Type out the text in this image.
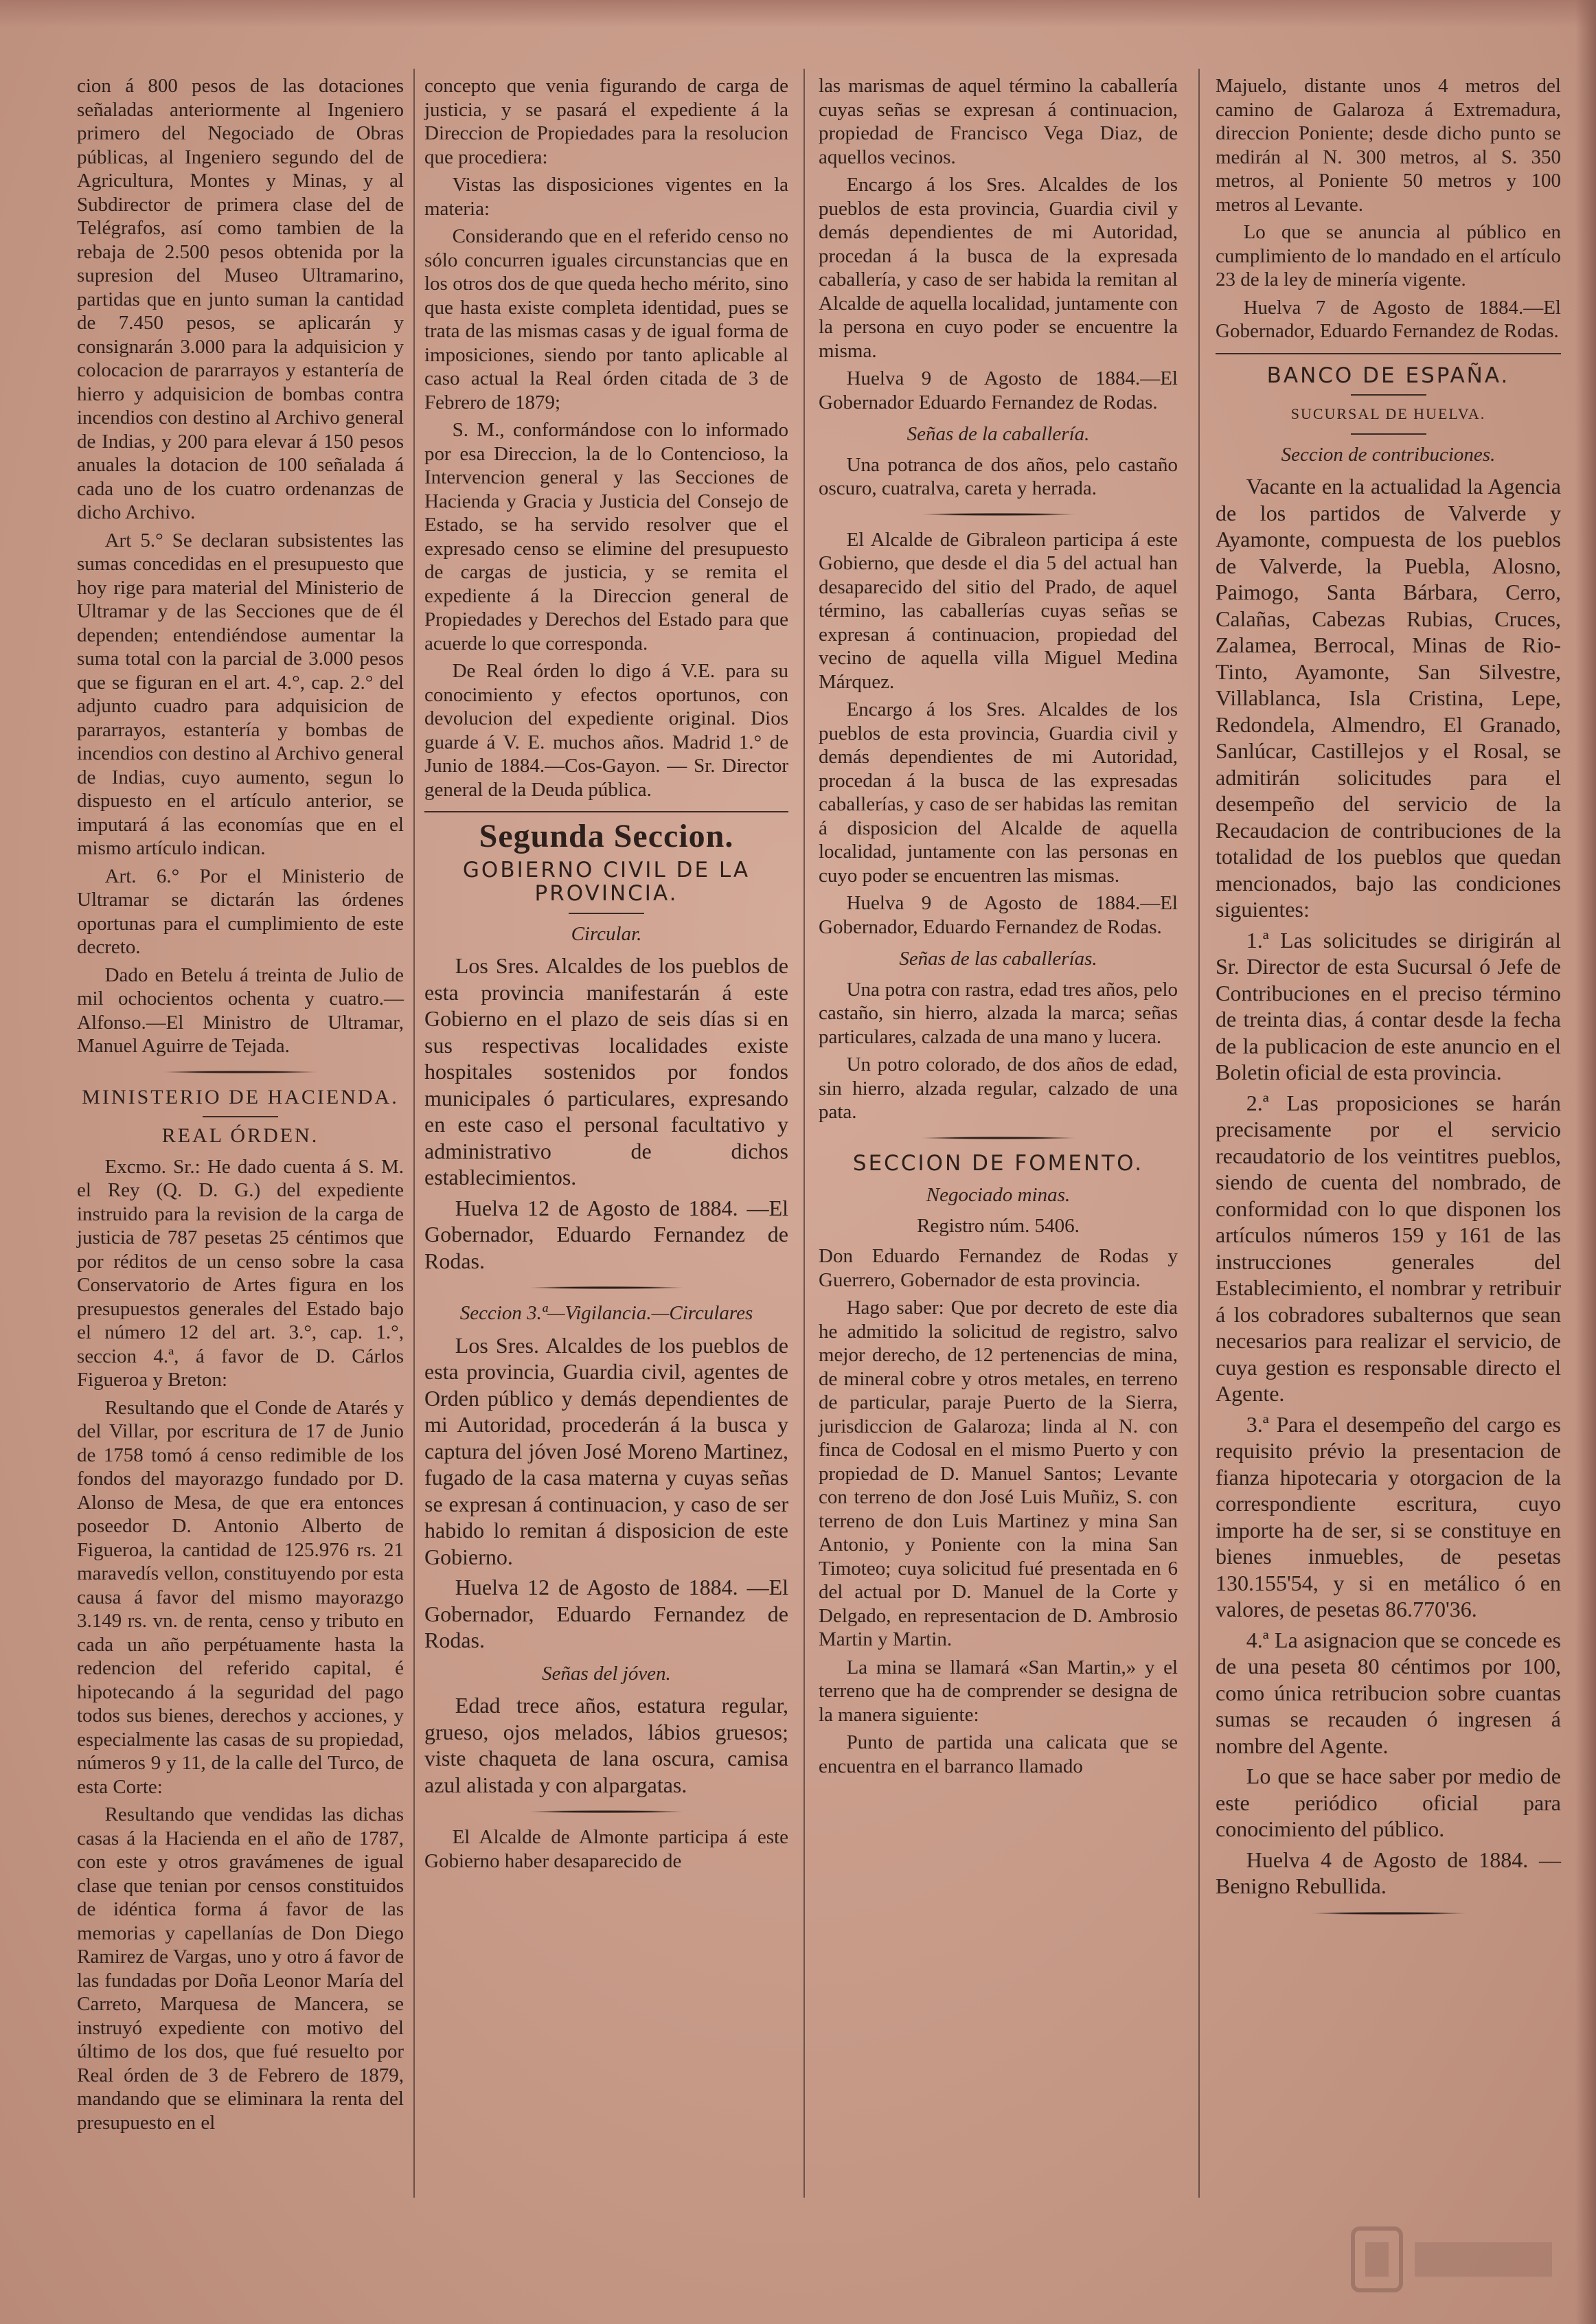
cion á 800 pesos de las dotaciones señaladas anteriormente al Ingeniero primero del Negociado de Obras públicas, al Ingeniero segundo del de Agricultura, Montes y Minas, y al Subdirector de primera clase del de Telégrafos, así como tambien de la rebaja de 2.500 pesos obtenida por la supresion del Museo Ultramarino, partidas que en junto suman la cantidad de 7.450 pesos, se aplicarán y consignarán 3.000 para la adquisicion y colocacion de pararrayos y estantería de hierro y adquisicion de bombas contra incendios con destino al Archivo general de Indias, y 200 para elevar á 150 pesos anuales la dotacion de 100 señalada á cada uno de los cuatro ordenanzas de dicho Archivo.

Art 5.° Se declaran subsistentes las sumas concedidas en el presupuesto que hoy rige para material del Ministerio de Ultramar y de las Secciones que de él dependen; entendiéndose aumentar la suma total con la parcial de 3.000 pesos que se figuran en el art. 4.°, cap. 2.° del adjunto cuadro para adquisicion de pararrayos, estantería y bombas de incendios con destino al Archivo general de Indias, cuyo aumento, segun lo dispuesto en el artículo anterior, se imputará á las economías que en el mismo artículo indican.

Art. 6.° Por el Ministerio de Ultramar se dictarán las órdenes oportunas para el cumplimiento de este decreto.

Dado en Betelu á treinta de Julio de mil ochocientos ochenta y cuatro.—Alfonso.—El Ministro de Ultramar, Manuel Aguirre de Tejada.

MINISTERIO DE HACIENDA.
REAL ÓRDEN.

Excmo. Sr.: He dado cuenta á S. M. el Rey (Q. D. G.) del expediente instruido para la revision de la carga de justicia de 787 pesetas 25 céntimos que por réditos de un censo sobre la casa Conservatorio de Artes figura en los presupuestos generales del Estado bajo el número 12 del art. 3.°, cap. 1.°, seccion 4.ª, á favor de D. Cárlos Figueroa y Breton:

Resultando que el Conde de Atarés y del Villar, por escritura de 17 de Junio de 1758 tomó á censo redimible de los fondos del mayorazgo fundado por D. Alonso de Mesa, de que era entonces poseedor D. Antonio Alberto de Figueroa, la cantidad de 125.976 rs. 21 maravedís vellon, constituyendo por esta causa á favor del mismo mayorazgo 3.149 rs. vn. de renta, censo y tributo en cada un año perpétuamente hasta la redencion del referido capital, é hipotecando á la seguridad del pago todos sus bienes, derechos y acciones, y especialmente las casas de su propiedad, números 9 y 11, de la calle del Turco, de esta Corte:

Resultando que vendidas las dichas casas á la Hacienda en el año de 1787, con este y otros gravámenes de igual clase que tenian por censos constituidos de idéntica forma á favor de las memorias y capellanías de Don Diego Ramirez de Vargas, uno y otro á favor de las fundadas por Doña Leonor María del Carreto, Marquesa de Mancera, se instruyó expediente con motivo del último de los dos, que fué resuelto por Real órden de 3 de Febrero de 1879, mandando que se eliminara la renta del presupuesto en el

concepto que venia figurando de carga de justicia, y se pasará el expediente á la Direccion de Propiedades para la resolucion que procediera:

Vistas las disposiciones vigentes en la materia:

Considerando que en el referido censo no sólo concurren iguales circunstancias que en los otros dos de que queda hecho mérito, sino que hasta existe completa identidad, pues se trata de las mismas casas y de igual forma de imposiciones, siendo por tanto aplicable al caso actual la Real órden citada de 3 de Febrero de 1879;

S. M., conformándose con lo informado por esa Direccion, la de lo Contencioso, la Intervencion general y las Secciones de Hacienda y Gracia y Justicia del Consejo de Estado, se ha servido resolver que el expresado censo se elimine del presupuesto de cargas de justicia, y se remita el expediente á la Direccion general de Propiedades y Derechos del Estado para que acuerde lo que corresponda.

De Real órden lo digo á V.E. para su conocimiento y efectos oportunos, con devolucion del expediente original. Dios guarde á V. E. muchos años. Madrid 1.° de Junio de 1884.—Cos-Gayon. — Sr. Director general de la Deuda pública.

Segunda Seccion.
GOBIERNO CIVIL DE LA PROVINCIA.
Circular.

Los Sres. Alcaldes de los pueblos de esta provincia manifestarán á este Gobierno en el plazo de seis días si en sus respectivas localidades existe hospitales sostenidos por fondos municipales ó particulares, expresando en este caso el personal facultativo y administrativo de dichos establecimientos.

Huelva 12 de Agosto de 1884. —El Gobernador, Eduardo Fernandez de Rodas.

Seccion 3.ª—Vigilancia.—Circulares

Los Sres. Alcaldes de los pueblos de esta provincia, Guardia civil, agentes de Orden público y demás dependientes de mi Autoridad, procederán á la busca y captura del jóven José Moreno Martinez, fugado de la casa materna y cuyas señas se expresan á continuacion, y caso de ser habido lo remitan á disposicion de este Gobierno.

Huelva 12 de Agosto de 1884. —El Gobernador, Eduardo Fernandez de Rodas.

Señas del jóven.

Edad trece años, estatura regular, grueso, ojos melados, lábios gruesos; viste chaqueta de lana oscura, camisa azul alistada y con alpargatas.

El Alcalde de Almonte participa á este Gobierno haber desaparecido de

las marismas de aquel término la caballería cuyas señas se expresan á continuacion, propiedad de Francisco Vega Diaz, de aquellos vecinos.

Encargo á los Sres. Alcaldes de los pueblos de esta provincia, Guardia civil y demás dependientes de mi Autoridad, procedan á la busca de la expresada caballería, y caso de ser habida la remitan al Alcalde de aquella localidad, juntamente con la persona en cuyo poder se encuentre la misma.

Huelva 9 de Agosto de 1884.—El Gobernador Eduardo Fernandez de Rodas.

Señas de la caballería.

Una potranca de dos años, pelo castaño oscuro, cuatralva, careta y herrada.

El Alcalde de Gibraleon participa á este Gobierno, que desde el dia 5 del actual han desaparecido del sitio del Prado, de aquel término, las caballerías cuyas señas se expresan á continuacion, propiedad del vecino de aquella villa Miguel Medina Márquez.

Encargo á los Sres. Alcaldes de los pueblos de esta provincia, Guardia civil y demás dependientes de mi Autoridad, procedan á la busca de las expresadas caballerías, y caso de ser habidas las remitan á disposicion del Alcalde de aquella localidad, juntamente con las personas en cuyo poder se encuentren las mismas.

Huelva 9 de Agosto de 1884.—El Gobernador, Eduardo Fernandez de Rodas.

Señas de las caballerías.

Una potra con rastra, edad tres años, pelo castaño, sin hierro, alzada la marca; señas particulares, calzada de una mano y lucera.

Un potro colorado, de dos años de edad, sin hierro, alzada regular, calzado de una pata.

SECCION DE FOMENTO.
Negociado minas.
Registro núm. 5406.

Don Eduardo Fernandez de Rodas y Guerrero, Gobernador de esta provincia.

Hago saber: Que por decreto de este dia he admitido la solicitud de registro, salvo mejor derecho, de 12 pertenencias de mina, de mineral cobre y otros metales, en terreno de particular, paraje Puerto de la Sierra, jurisdiccion de Galaroza; linda al N. con finca de Codosal en el mismo Puerto y con propiedad de D. Manuel Santos; Levante con terreno de don José Luis Muñiz, S. con terreno de don Luis Martinez y mina San Antonio, y Poniente con la mina San Timoteo; cuya solicitud fué presentada en 6 del actual por D. Manuel de la Corte y Delgado, en representacion de D. Ambrosio Martin y Martin.

La mina se llamará «San Martin,» y el terreno que ha de comprender se designa de la manera siguiente:

Punto de partida una calicata que se encuentra en el barranco llamado

Majuelo, distante unos 4 metros del camino de Galaroza á Extremadura, direccion Poniente; desde dicho punto se medirán al N. 300 metros, al S. 350 metros, al Poniente 50 metros y 100 metros al Levante.

Lo que se anuncia al público en cumplimiento de lo mandado en el artículo 23 de la ley de minería vigente.

Huelva 7 de Agosto de 1884.—El Gobernador, Eduardo Fernandez de Rodas.

BANCO DE ESPAÑA.
SUCURSAL DE HUELVA.
Seccion de contribuciones.

Vacante en la actualidad la Agencia de los partidos de Valverde y Ayamonte, compuesta de los pueblos de Valverde, la Puebla, Alosno, Paimogo, Santa Bárbara, Cerro, Calañas, Cabezas Rubias, Cruces, Zalamea, Berrocal, Minas de Rio-Tinto, Ayamonte, San Silvestre, Villablanca, Isla Cristina, Lepe, Redondela, Almendro, El Granado, Sanlúcar, Castillejos y el Rosal, se admitirán solicitudes para el desempeño del servicio de la Recaudacion de contribuciones de la totalidad de los pueblos que quedan mencionados, bajo las condiciones siguientes:

1.ª Las solicitudes se dirigirán al Sr. Director de esta Sucursal ó Jefe de Contribuciones en el preciso término de treinta dias, á contar desde la fecha de la publicacion de este anuncio en el Boletin oficial de esta provincia.

2.ª Las proposiciones se harán precisamente por el servicio recaudatorio de los veintitres pueblos, siendo de cuenta del nombrado, de conformidad con lo que disponen los artículos números 159 y 161 de las instrucciones generales del Establecimiento, el nombrar y retribuir á los cobradores subalternos que sean necesarios para realizar el servicio, de cuya gestion es responsable directo el Agente.

3.ª Para el desempeño del cargo es requisito prévio la presentacion de fianza hipotecaria y otorgacion de la correspondiente escritura, cuyo importe ha de ser, si se constituye en bienes inmuebles, de pesetas 130.155'54, y si en metálico ó en valores, de pesetas 86.770'36.

4.ª La asignacion que se concede es de una peseta 80 céntimos por 100, como única retribucion sobre cuantas sumas se recauden ó ingresen á nombre del Agente.

Lo que se hace saber por medio de este periódico oficial para conocimiento del público.

Huelva 4 de Agosto de 1884. —Benigno Rebullida.
